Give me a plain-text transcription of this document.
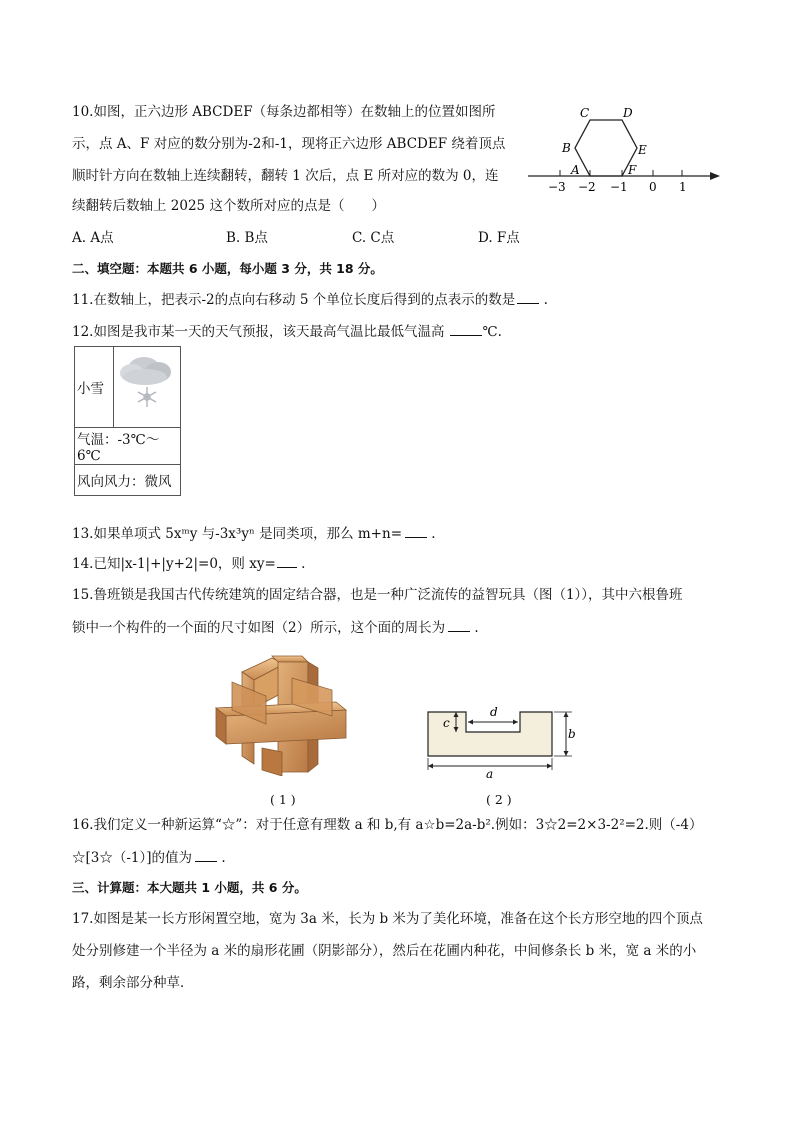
10.如图，正六边形 ABCDEF（每条边都相等）在数轴上的位置如图所
示，点 A、F 对应的数分别为-2和-1，现将正六边形 ABCDEF 绕着顶点
顺时针方向在数轴上连续翻转，翻转 1 次后，点 E 所对应的数为 0，连
续翻转后数轴上 2025 这个数所对应的点是（　　）
C	D
B	E
A	F
−3 −2 −1 0 1
A. A点	B. B点	C. C点	D. F点
二、填空题：本题共 6 小题，每小题 3 分，共 18 分。
11.在数轴上，把表示-2的点向右移动 5 个单位长度后得到的点表示的数是 .
12.如图是我市某一天的天气预报，该天最高气温比最低气温高	℃.
小雪	
气温：-3℃～6℃
风向风力：微风
13.如果单项式 5xᵐy 与-3x³yⁿ 是同类项，那么 m+n= .
14.已知|x-1|+|y+2|=0，则 xy= .
15.鲁班锁是我国古代传统建筑的固定结合器，也是一种广泛流传的益智玩具（图（1）），其中六根鲁班
锁中一个构件的一个面的尺寸如图（2）所示，这个面的周长为 .
c
d
b
a
( 1 )	( 2 )
16.我们定义一种新运算“☆”：对于任意有理数 a 和 b,有 a☆b=2a-b².例如：3☆2=2×3-2²=2.则（-4）
☆[3☆（-1）]的值为 .
三、计算题：本大题共 1 小题，共 6 分。
17.如图是某一长方形闲置空地，宽为 3a 米，长为 b 米为了美化环境，准备在这个长方形空地的四个顶点
处分别修建一个半径为 a 米的扇形花圃（阴影部分），然后在花圃内种花，中间修条长 b 米，宽 a 米的小
路，剩余部分种草．
